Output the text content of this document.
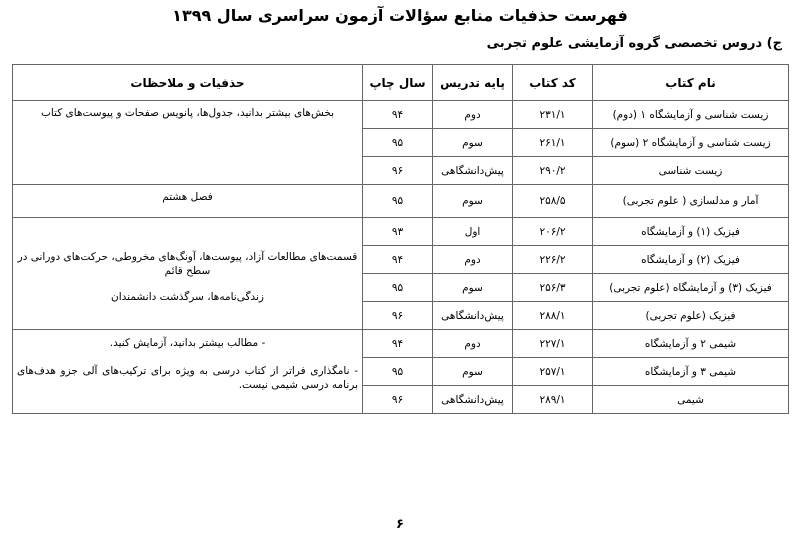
فهرست حذفیات منابع سؤالات آزمون سراسری سال ۱۳۹۹
ج) دروس تخصصی گروه آزمایشی علوم تجربی
نام کتاب	کد کتاب	پایه تدریس	سال چاپ	حذفیات و ملاحظات
زیست شناسی و آزمایشگاه ۱ (دوم)	۲۳۱/۱	دوم	۹۴	بخش‌های بیشتر بدانید، جدول‌ها، پانویس صفحات و پیوست‌های کتاب

زیست شناسی و آزمایشگاه ۲ (سوم)	۲۶۱/۱	سوم	۹۵	
زیست شناسی	۲۹۰/۲	پیش‌دانشگاهی	۹۶	
آمار و مدلسازی ( علوم تجربی)	۲۵۸/۵	سوم	۹۵	فصل هشتم

فیزیک (۱) و آزمایشگاه	۲۰۶/۲	اول	۹۳	قسمت‌های مطالعات آزاد، پیوست‌ها، آونگ‌های مخروطی، حرکت‌های دورانی در سطح قائم

زندگی‌نامه‌ها، سرگذشت دانشمندان

فیزیک (۲) و آزمایشگاه	۲۲۶/۲	دوم	۹۴	
فیزیک (۳) و آزمایشگاه (علوم تجربی)	۲۵۶/۳	سوم	۹۵	
فیزیک (علوم تجربی)	۲۸۸/۱	پیش‌دانشگاهی	۹۶	
شیمی ۲ و آزمایشگاه	۲۲۷/۱	دوم	۹۴	- مطالب بیشتر بدانید، آزمایش کنید.

- نامگذاری فراتر از کتاب درسی به ویژه برای ترکیب‌های آلی جزو هدف‌های برنامه درسی شیمی نیست.

شیمی ۳ و آزمایشگاه	۲۵۷/۱	سوم	۹۵	
شیمی	۲۸۹/۱	پیش‌دانشگاهی	۹۶	
۶
